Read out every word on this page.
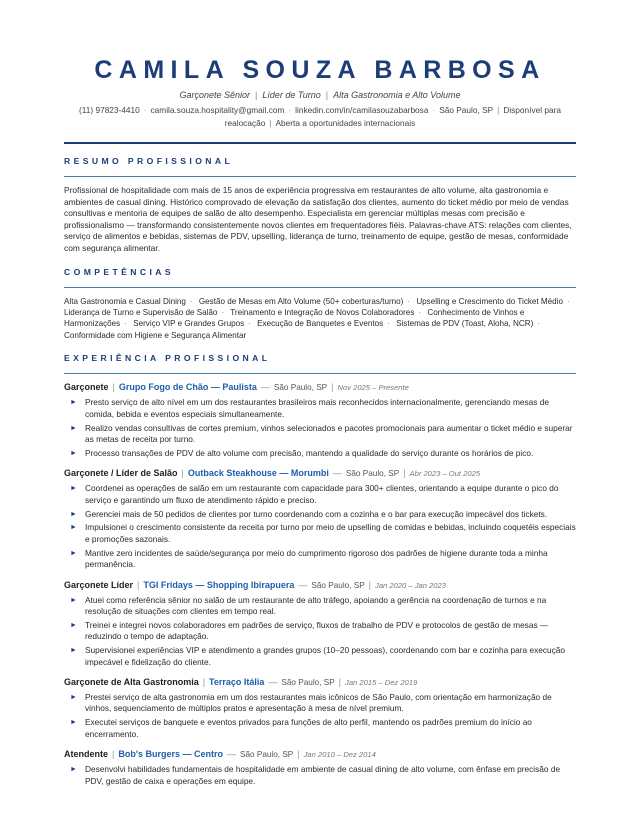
CAMILA SOUZA BARBOSA
Garçonete Sênior | Líder de Turno | Alta Gastronomia e Alto Volume
(11) 97823-4410 · camila.souza.hospitality@gmail.com · linkedin.com/in/camilasouzabarbosa · São Paulo, SP | Disponível para realocação | Aberta a oportunidades internacionais
RESUMO PROFISSIONAL
Profissional de hospitalidade com mais de 15 anos de experiência progressiva em restaurantes de alto volume, alta gastronomia e ambientes de casual dining. Histórico comprovado de elevação da satisfação dos clientes, aumento do ticket médio por meio de vendas consultivas e mentoria de equipes de salão de alto desempenho. Especialista em gerenciar múltiplas mesas com precisão e profissionalismo — transformando consistentemente novos clientes em frequentadores fiéis. Palavras-chave ATS: relações com clientes, serviço de alimentos e bebidas, sistemas de PDV, upselling, liderança de turno, treinamento de equipe, gestão de mesas, conformidade com segurança alimentar.
COMPETÊNCIAS
Alta Gastronomia e Casual Dining · Gestão de Mesas em Alto Volume (50+ coberturas/turno) · Upselling e Crescimento do Ticket Médio · Liderança de Turno e Supervisão de Salão · Treinamento e Integração de Novos Colaboradores · Conhecimento de Vinhos e Harmonizações · Serviço VIP e Grandes Grupos · Execução de Banquetes e Eventos · Sistemas de PDV (Toast, Aloha, NCR) · Conformidade com Higiene e Segurança Alimentar
EXPERIÊNCIA PROFISSIONAL
Garçonete | Grupo Fogo de Chão — Paulista — São Paulo, SP | Nov 2025 – Presente
► Presto serviço de alto nível em um dos restaurantes brasileiros mais reconhecidos internacionalmente, gerenciando mesas de comida, bebida e eventos especiais simultaneamente.
► Realizo vendas consultivas de cortes premium, vinhos selecionados e pacotes promocionais para aumentar o ticket médio e superar as metas de receita por turno.
► Processo transações de PDV de alto volume com precisão, mantendo a qualidade do serviço durante os horários de pico.
Garçonete / Líder de Salão | Outback Steakhouse — Morumbi — São Paulo, SP | Abr 2023 – Out 2025
► Coordenei as operações de salão em um restaurante com capacidade para 300+ clientes, orientando a equipe durante o pico do serviço e garantindo um fluxo de atendimento rápido e preciso.
► Gerenciei mais de 50 pedidos de clientes por turno coordenando com a cozinha e o bar para execução impecável dos tickets.
► Impulsionei o crescimento consistente da receita por turno por meio de upselling de comidas e bebidas, incluindo coquetéis especiais e promoções sazonais.
► Mantive zero incidentes de saúde/segurança por meio do cumprimento rigoroso dos padrões de higiene durante toda a minha permanência.
Garçonete Líder | TGI Fridays — Shopping Ibirapuera — São Paulo, SP | Jan 2020 – Jan 2023
► Atuei como referência sênior no salão de um restaurante de alto tráfego, apoiando a gerência na coordenação de turnos e na resolução de situações com clientes em tempo real.
► Treinei e integrei novos colaboradores em padrões de serviço, fluxos de trabalho de PDV e protocolos de gestão de mesas — reduzindo o tempo de adaptação.
► Supervisionei experiências VIP e atendimento a grandes grupos (10–20 pessoas), coordenando com bar e cozinha para execução impecável e fidelização do cliente.
Garçonete de Alta Gastronomia | Terraço Itália — São Paulo, SP | Jan 2015 – Dez 2019
► Prestei serviço de alta gastronomia em um dos restaurantes mais icônicos de São Paulo, com orientação em harmonização de vinhos, sequenciamento de múltiplos pratos e apresentação à mesa de nível premium.
► Executei serviços de banquete e eventos privados para funções de alto perfil, mantendo os padrões premium do início ao encerramento.
Atendente | Bob's Burgers — Centro — São Paulo, SP | Jan 2010 – Dez 2014
► Desenvolvi habilidades fundamentais de hospitalidade em ambiente de casual dining de alto volume, com ênfase em precisão de PDV, gestão de caixa e operações em equipe.
